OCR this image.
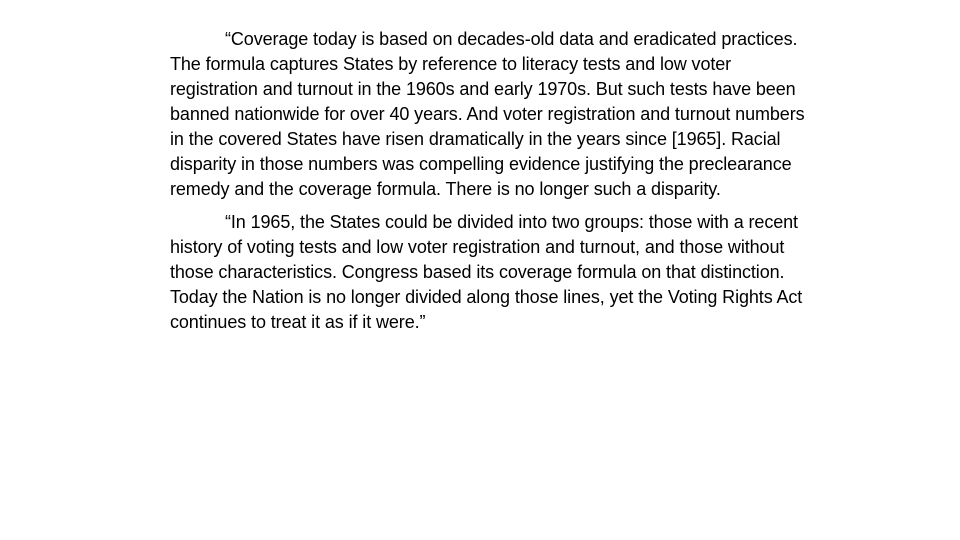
“Coverage today is based on decades-old data and eradicated practices. The formula captures States by reference to literacy tests and low voter registration and turnout in the 1960s and early 1970s. But such tests have been banned nationwide for over 40 years. And voter registration and turnout numbers in the covered States have risen dramatically in the years since [1965]. Racial disparity in those numbers was compelling evidence justifying the preclearance remedy and the coverage formula. There is no longer such a disparity.

“In 1965, the States could be divided into two groups: those with a recent history of voting tests and low voter registration and turnout, and those without those characteristics. Congress based its coverage formula on that distinction. Today the Nation is no longer divided along those lines, yet the Voting Rights Act continues to treat it as if it were.”
